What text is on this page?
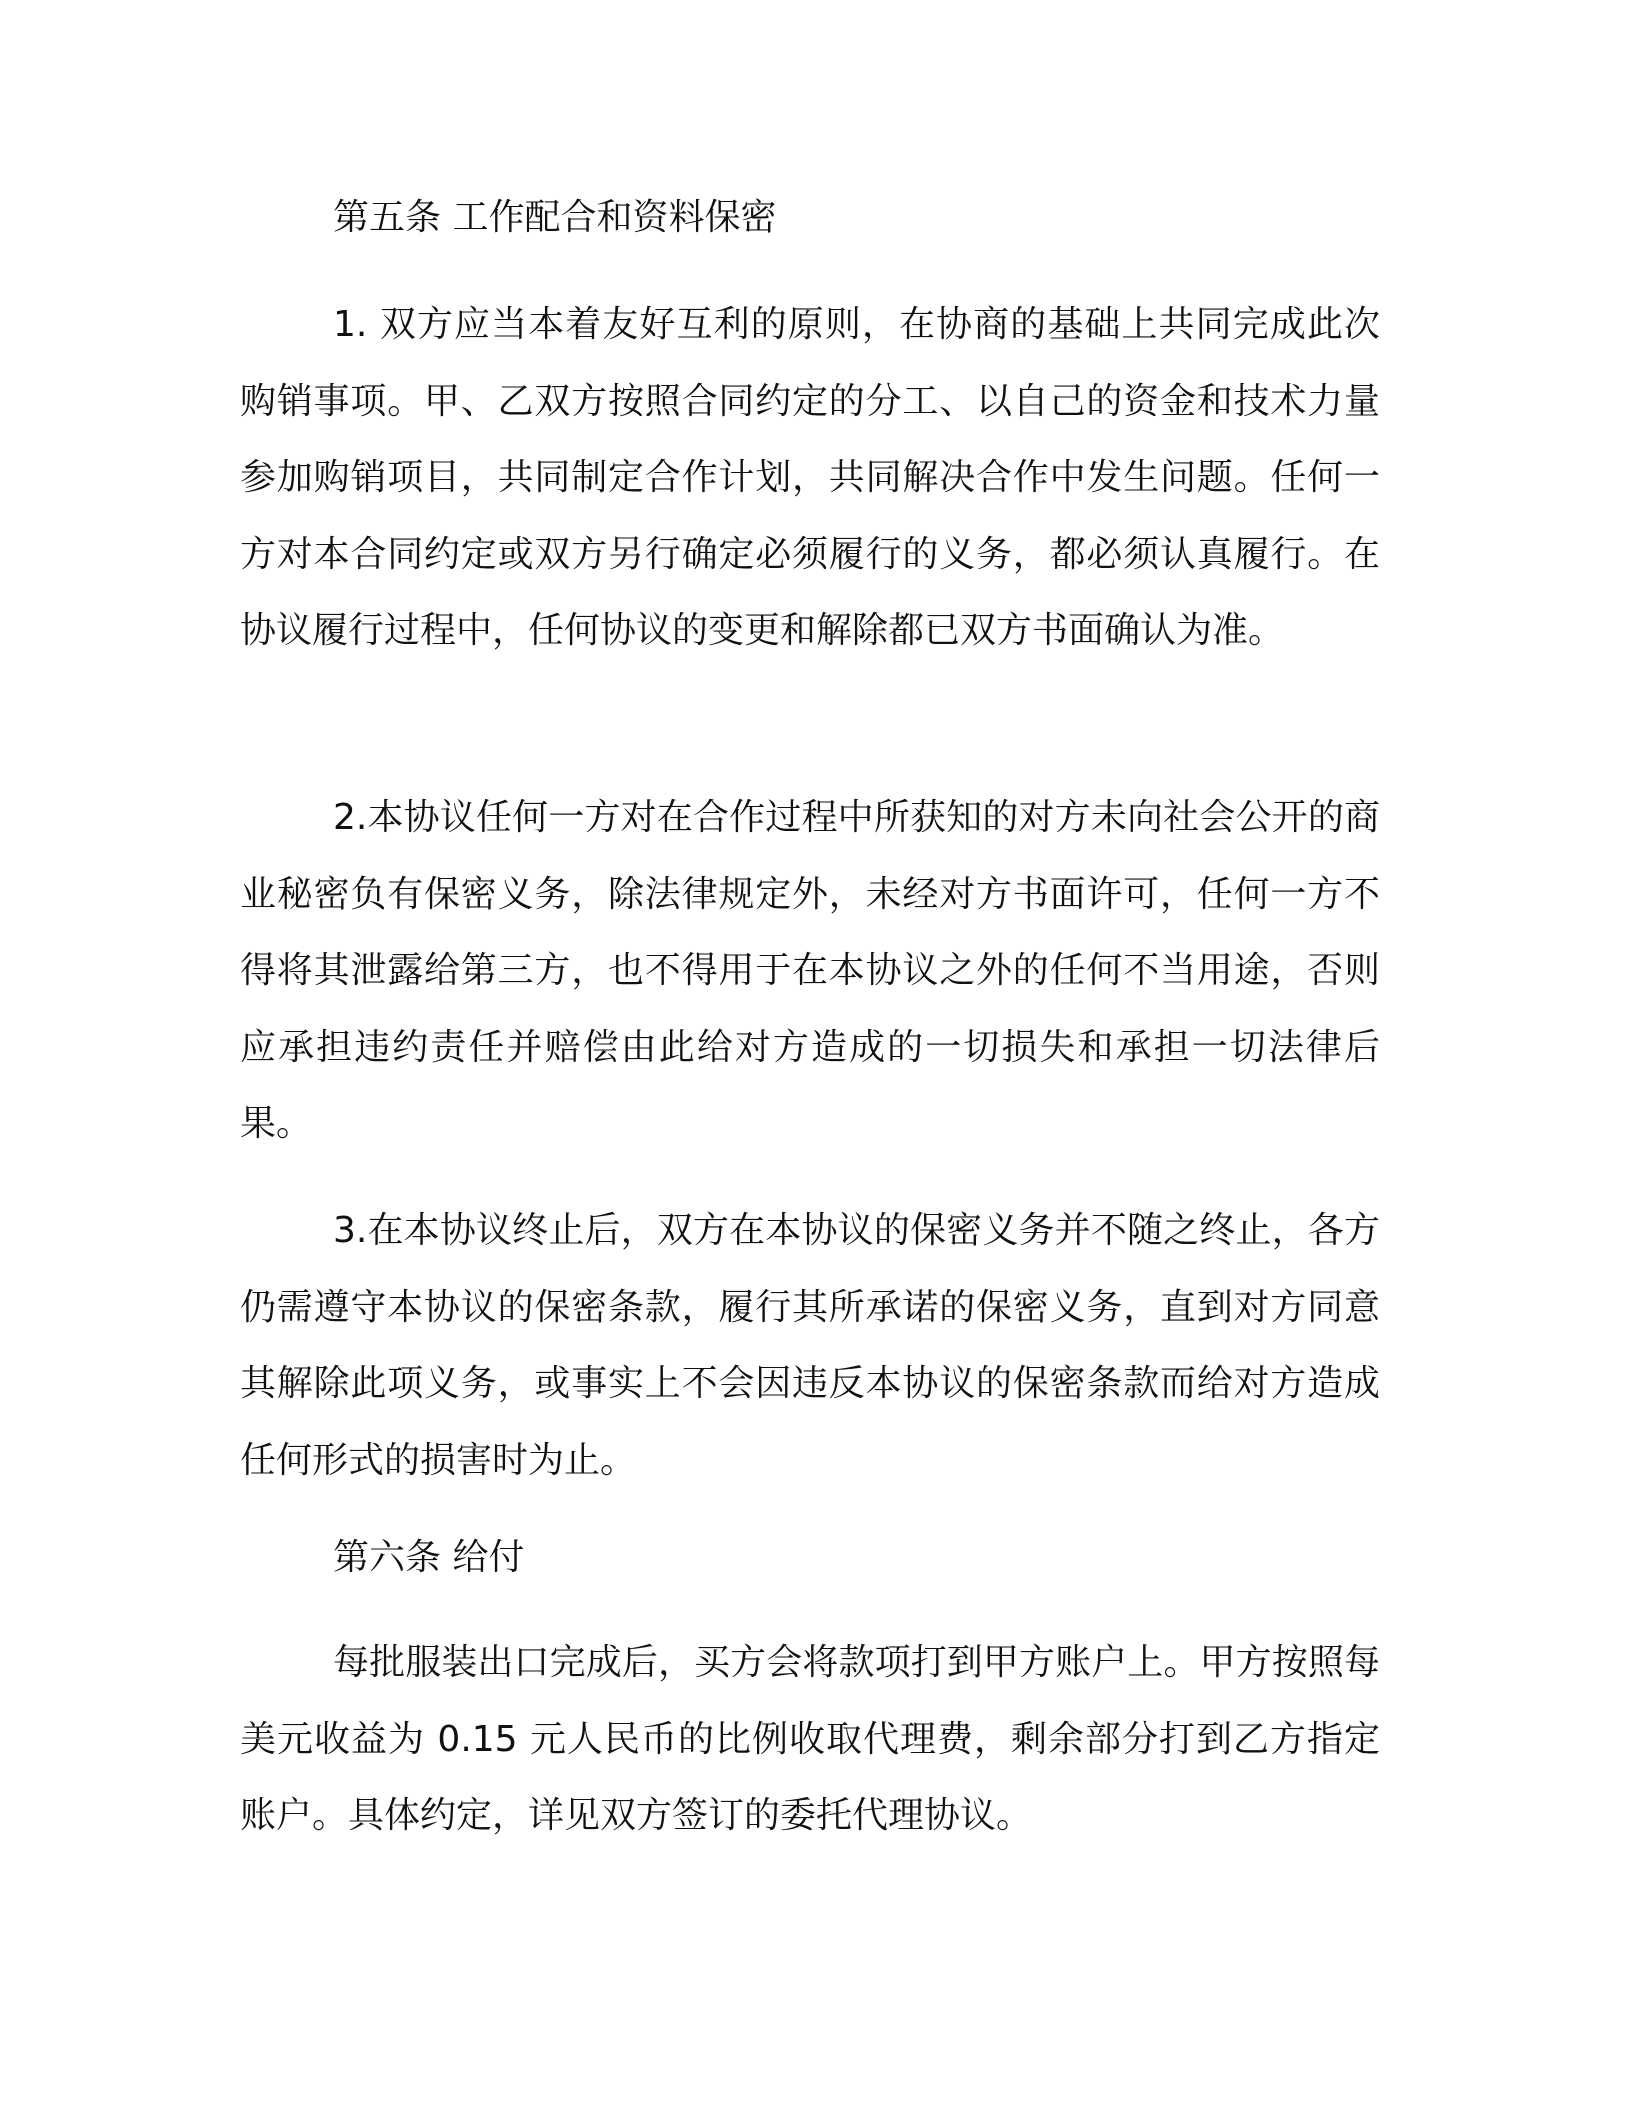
第五条 工作配合和资料保密

1. 双方应当本着友好互利的原则，在协商的基础上共同完成此次购销事项。甲、乙双方按照合同约定的分工、以自己的资金和技术力量参加购销项目，共同制定合作计划，共同解决合作中发生问题。任何一方对本合同约定或双方另行确定必须履行的义务，都必须认真履行。在协议履行过程中，任何协议的变更和解除都已双方书面确认为准。

2.本协议任何一方对在合作过程中所获知的对方未向社会公开的商业秘密负有保密义务，除法律规定外，未经对方书面许可，任何一方不得将其泄露给第三方，也不得用于在本协议之外的任何不当用途，否则应承担违约责任并赔偿由此给对方造成的一切损失和承担一切法律后果。

3.在本协议终止后，双方在本协议的保密义务并不随之终止，各方仍需遵守本协议的保密条款，履行其所承诺的保密义务，直到对方同意其解除此项义务，或事实上不会因违反本协议的保密条款而给对方造成任何形式的损害时为止。

第六条 给付

每批服装出口完成后，买方会将款项打到甲方账户上。甲方按照每美元收益为 0.15 元人民币的比例收取代理费，剩余部分打到乙方指定账户。具体约定，详见双方签订的委托代理协议。
